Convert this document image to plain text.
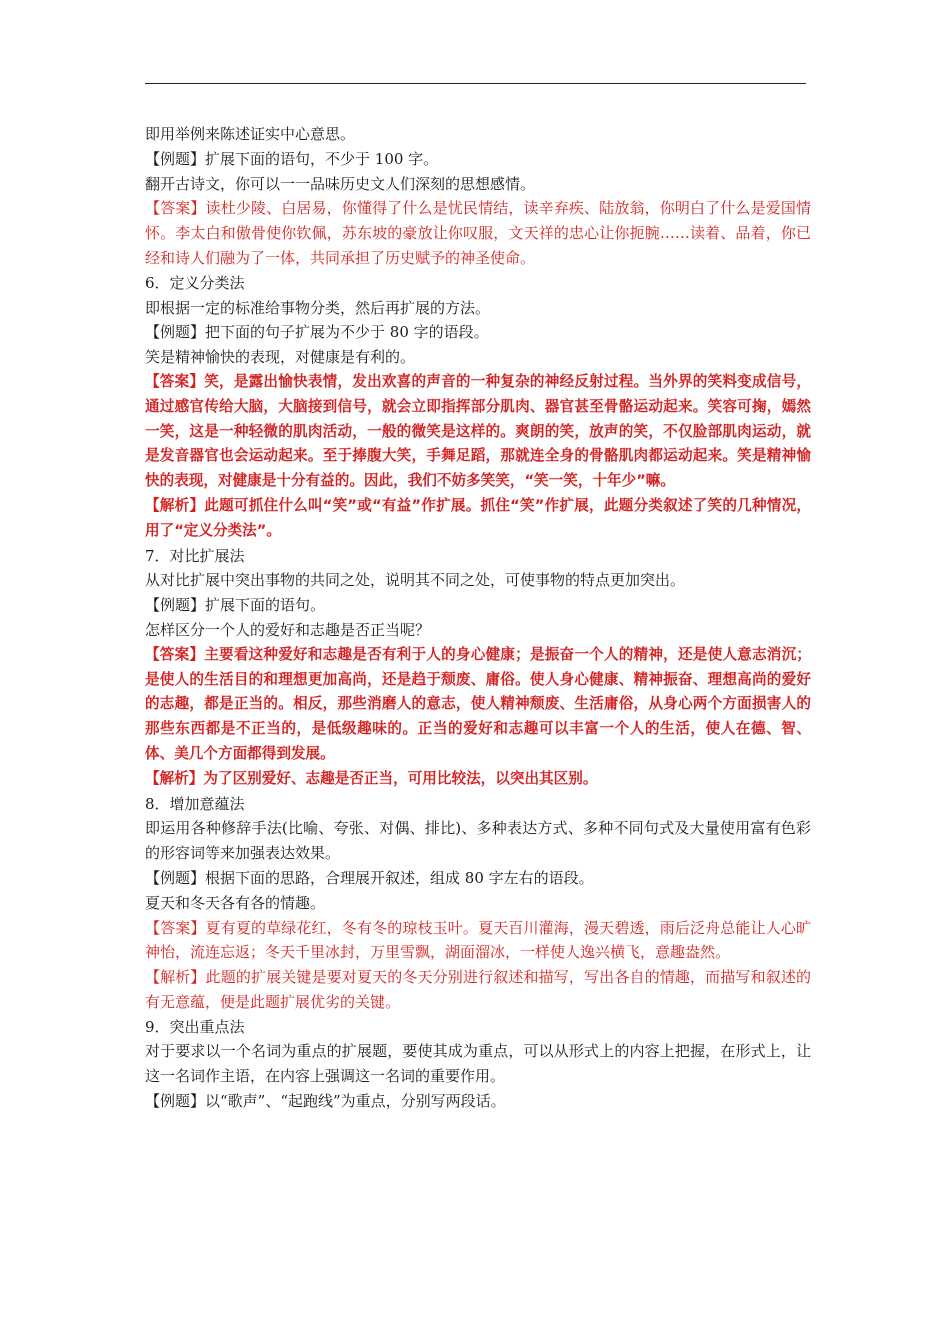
即用举例来陈述证实中心意思。

【例题】扩展下面的语句，不少于 100 字。

翻开古诗文，你可以一一品味历史文人们深刻的思想感情。

【答案】读杜少陵、白居易，你懂得了什么是忧民情结，读辛弃疾、陆放翁，你明白了什么是爱国情怀。李太白和傲骨使你钦佩，苏东坡的豪放让你叹服，文天祥的忠心让你扼腕……读着、品着，你已经和诗人们融为了一体，共同承担了历史赋予的神圣使命。

6．定义分类法

即根据一定的标准给事物分类，然后再扩展的方法。

【例题】把下面的句子扩展为不少于 80 字的语段。

笑是精神愉快的表现，对健康是有利的。

【答案】笑，是露出愉快表情，发出欢喜的声音的一种复杂的神经反射过程。当外界的笑料变成信号，通过感官传给大脑，大脑接到信号，就会立即指挥部分肌肉、器官甚至骨骼运动起来。笑容可掬，嫣然一笑，这是一种轻微的肌肉活动，一般的微笑是这样的。爽朗的笑，放声的笑，不仅脸部肌肉运动，就是发音器官也会运动起来。至于捧腹大笑，手舞足蹈，那就连全身的骨骼肌肉都运动起来。笑是精神愉快的表现，对健康是十分有益的。因此，我们不妨多笑笑，“笑一笑，十年少”嘛。

【解析】此题可抓住什么叫“笑”或“有益”作扩展。抓住“笑”作扩展，此题分类叙述了笑的几种情况，用了“定义分类法”。

7．对比扩展法

从对比扩展中突出事物的共同之处，说明其不同之处，可使事物的特点更加突出。

【例题】扩展下面的语句。

怎样区分一个人的爱好和志趣是否正当呢？

【答案】主要看这种爱好和志趣是否有利于人的身心健康；是振奋一个人的精神，还是使人意志消沉；是使人的生活目的和理想更加高尚，还是趋于颓废、庸俗。使人身心健康、精神振奋、理想高尚的爱好的志趣，都是正当的。相反，那些消磨人的意志，使人精神颓废、生活庸俗，从身心两个方面损害人的那些东西都是不正当的，是低级趣味的。正当的爱好和志趣可以丰富一个人的生活，使人在德、智、体、美几个方面都得到发展。

【解析】为了区别爱好、志趣是否正当，可用比较法，以突出其区别。

8．增加意蕴法

即运用各种修辞手法(比喻、夸张、对偶、排比)、多种表达方式、多种不同句式及大量使用富有色彩的形容词等来加强表达效果。

【例题】根据下面的思路，合理展开叙述，组成 80 字左右的语段。

夏天和冬天各有各的情趣。

【答案】夏有夏的草绿花红，冬有冬的琼枝玉叶。夏天百川灌海，漫天碧透，雨后泛舟总能让人心旷神怡，流连忘返；冬天千里冰封，万里雪飘，湖面溜冰，一样使人逸兴横飞，意趣盎然。

【解析】此题的扩展关键是要对夏天的冬天分别进行叙述和描写，写出各自的情趣，而描写和叙述的有无意蕴，便是此题扩展优劣的关键。

9．突出重点法

对于要求以一个名词为重点的扩展题，要使其成为重点，可以从形式上的内容上把握，在形式上，让这一名词作主语，在内容上强调这一名词的重要作用。

【例题】以“歌声”、“起跑线”为重点，分别写两段话。
